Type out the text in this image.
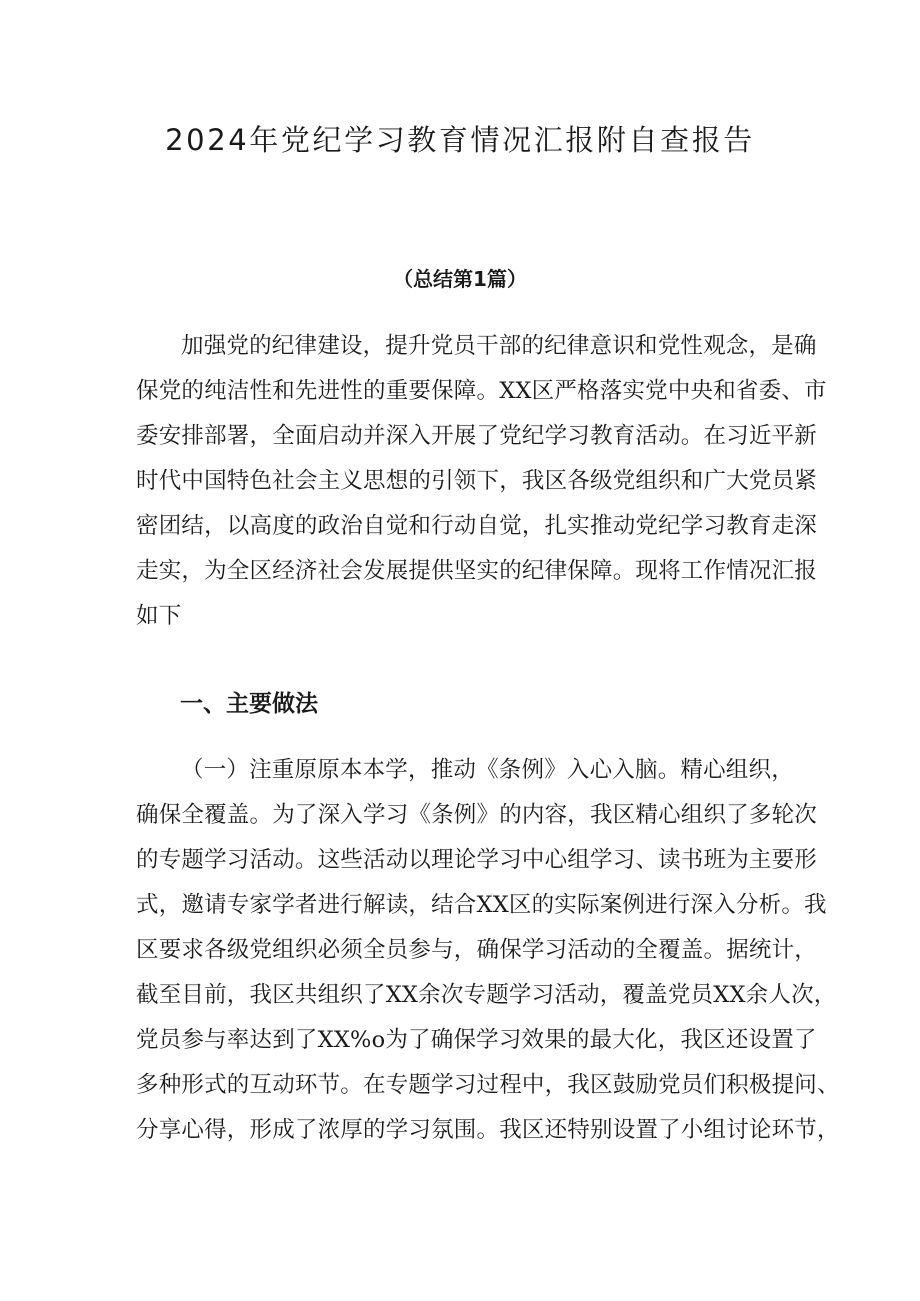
2024年党纪学习教育情况汇报附自查报告
（总结第1篇）
加强党的纪律建设，提升党员干部的纪律意识和党性观念，是确
保党的纯洁性和先进性的重要保障。XX区严格落实党中央和省委、市
委安排部署，全面启动并深入开展了党纪学习教育活动。在习近平新
时代中国特色社会主义思想的引领下，我区各级党组织和广大党员紧
密团结，以高度的政治自觉和行动自觉，扎实推动党纪学习教育走深
走实，为全区经济社会发展提供坚实的纪律保障。现将工作情况汇报
如下
一、主要做法
（一）注重原原本本学，推动《条例》入心入脑。精心组织，
确保全覆盖。为了深入学习《条例》的内容，我区精心组织了多轮次
的专题学习活动。这些活动以理论学习中心组学习、读书班为主要形
式，邀请专家学者进行解读，结合XX区的实际案例进行深入分析。我
区要求各级党组织必须全员参与，确保学习活动的全覆盖。据统计，
截至目前，我区共组织了XX余次专题学习活动，覆盖党员XX余人次，
党员参与率达到了XX%o为了确保学习效果的最大化，我区还设置了
多种形式的互动环节。在专题学习过程中，我区鼓励党员们积极提问、
分享心得，形成了浓厚的学习氛围。我区还特别设置了小组讨论环节，
